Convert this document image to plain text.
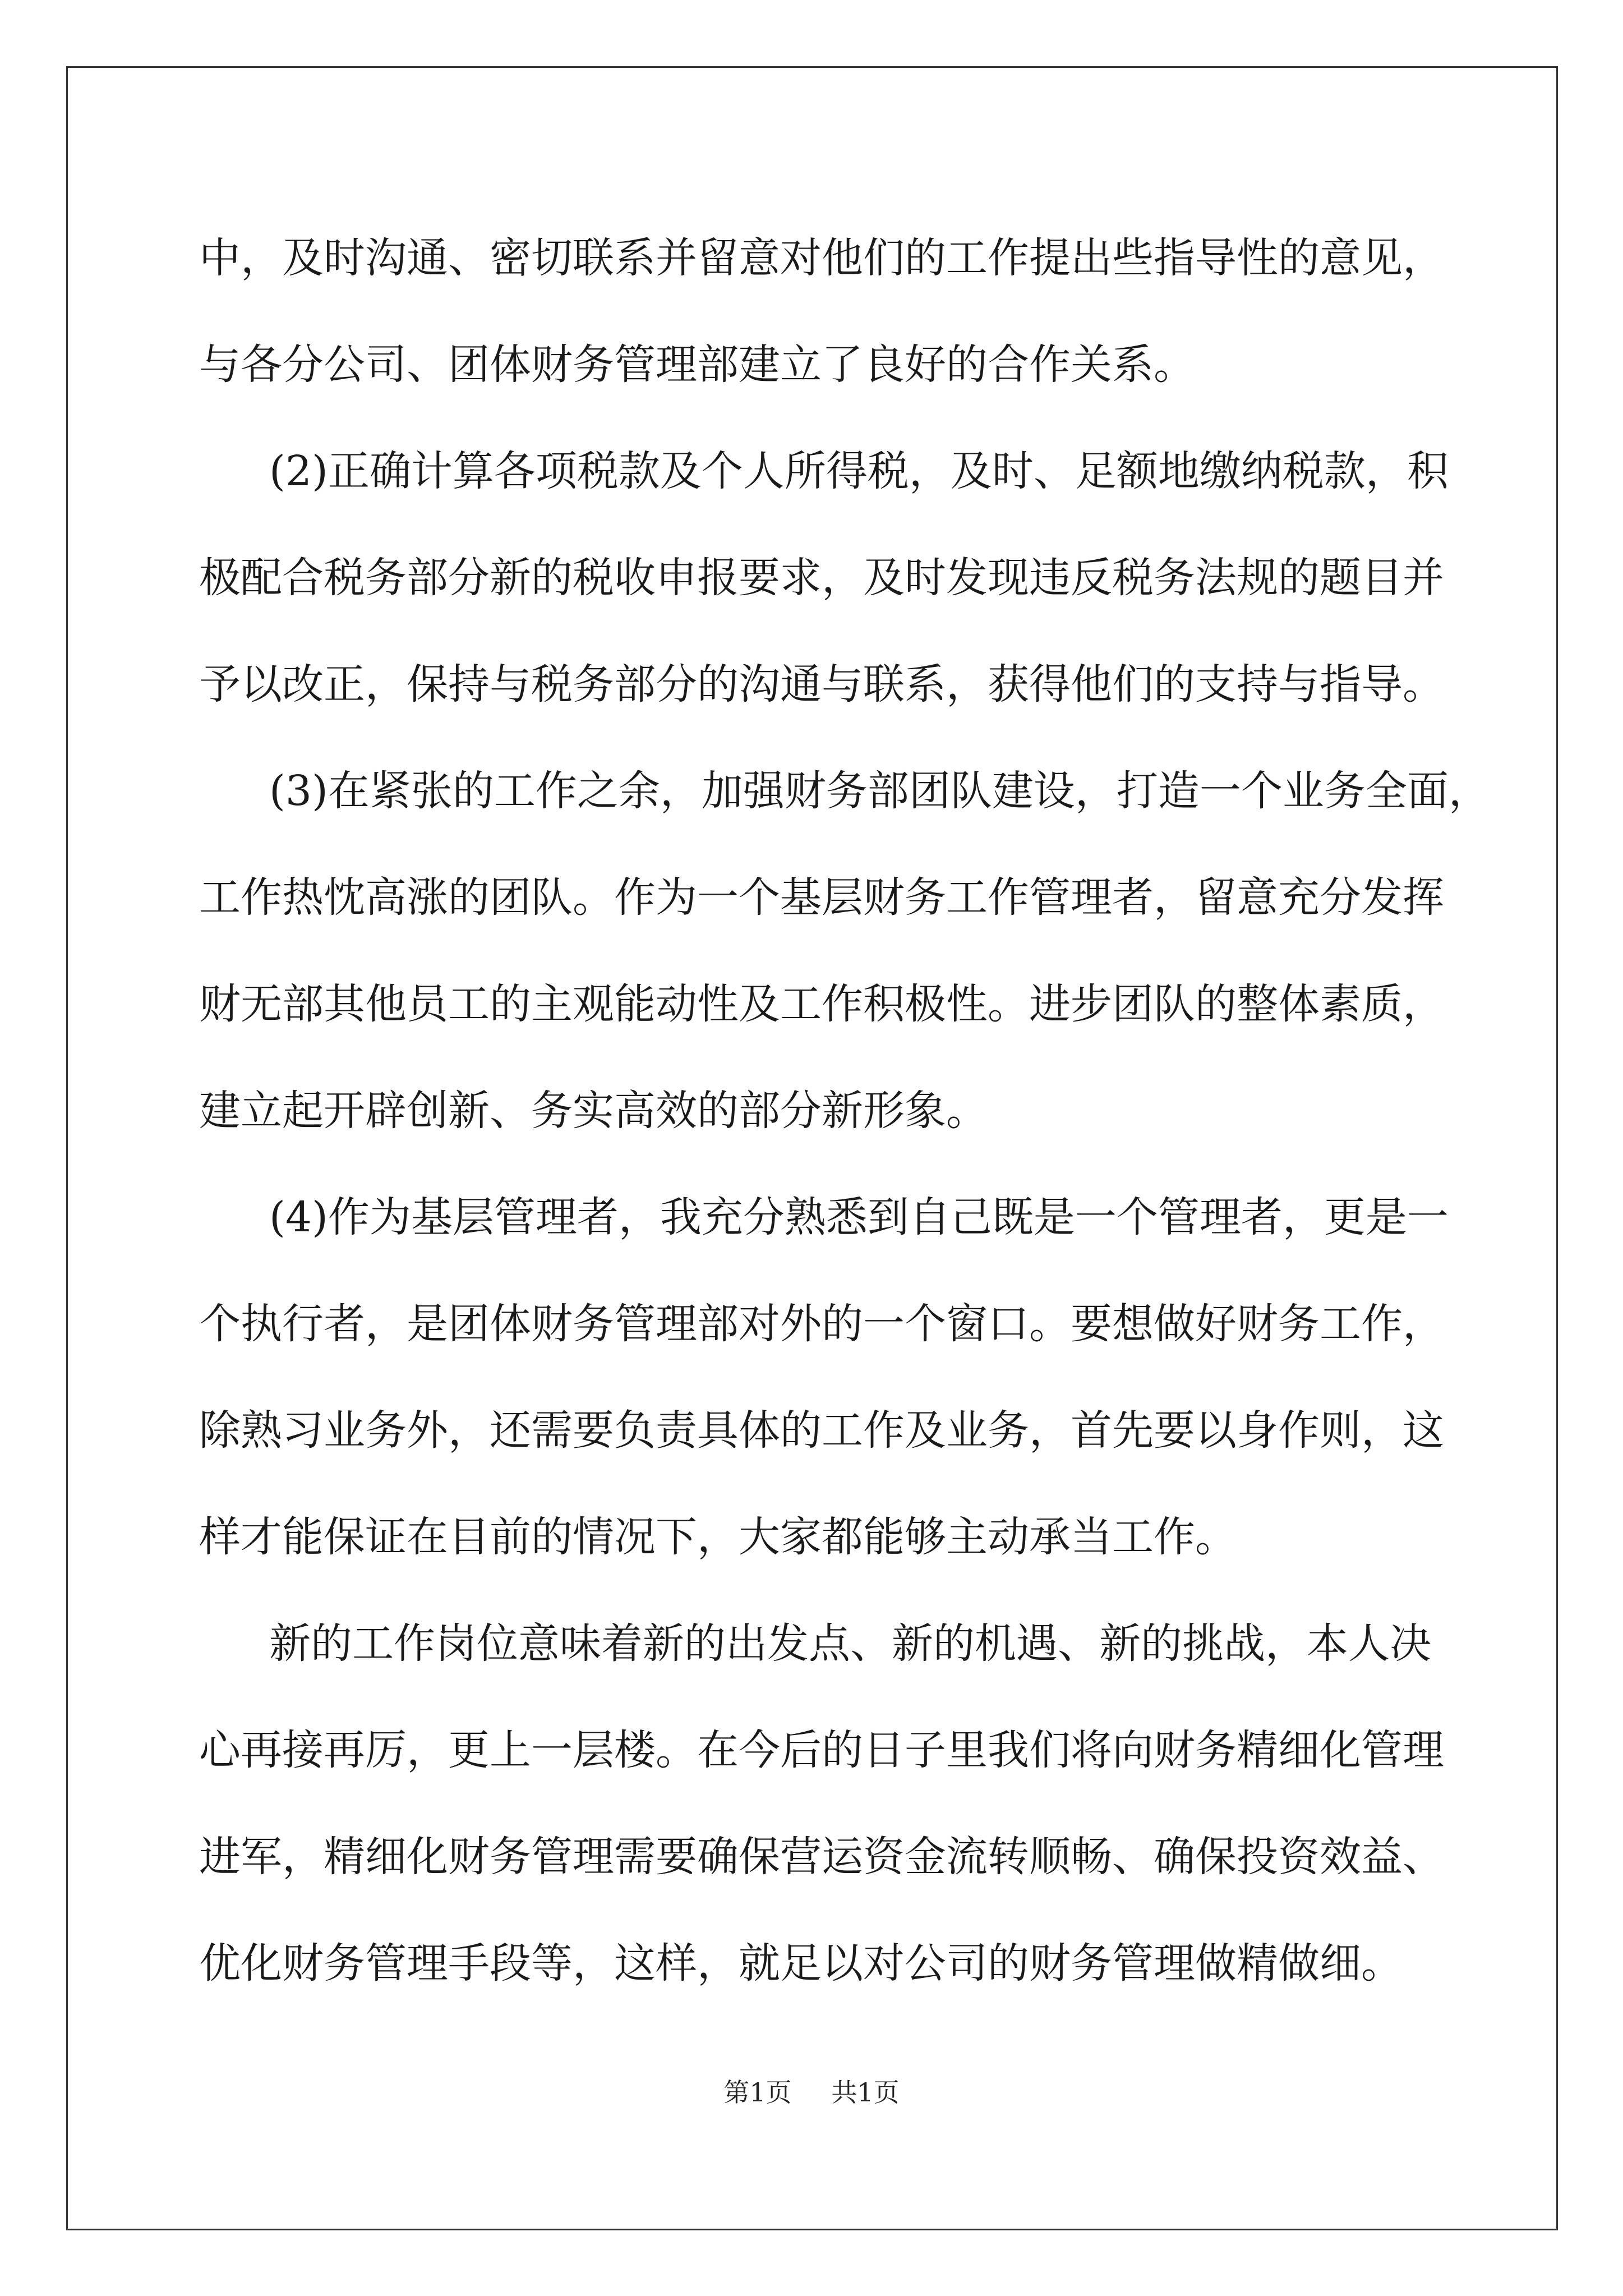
中，及时沟通、密切联系并留意对他们的工作提出些指导性的意见，
与各分公司、团体财务管理部建立了良好的合作关系。
(2)正确计算各项税款及个人所得税，及时、足额地缴纳税款，积
极配合税务部分新的税收申报要求，及时发现违反税务法规的题目并
予以改正，保持与税务部分的沟通与联系，获得他们的支持与指导。
(3)在紧张的工作之余，加强财务部团队建设，打造一个业务全面，
工作热忱高涨的团队。作为一个基层财务工作管理者，留意充分发挥
财无部其他员工的主观能动性及工作积极性。进步团队的整体素质，
建立起开辟创新、务实高效的部分新形象。
(4)作为基层管理者，我充分熟悉到自己既是一个管理者，更是一
个执行者，是团体财务管理部对外的一个窗口。要想做好财务工作，
除熟习业务外，还需要负责具体的工作及业务，首先要以身作则，这
样才能保证在目前的情况下，大家都能够主动承当工作。
新的工作岗位意味着新的出发点、新的机遇、新的挑战，本人决
心再接再厉，更上一层楼。在今后的日子里我们将向财务精细化管理
进军，精细化财务管理需要确保营运资金流转顺畅、确保投资效益、
优化财务管理手段等，这样，就足以对公司的财务管理做精做细。
第1页 共1页
